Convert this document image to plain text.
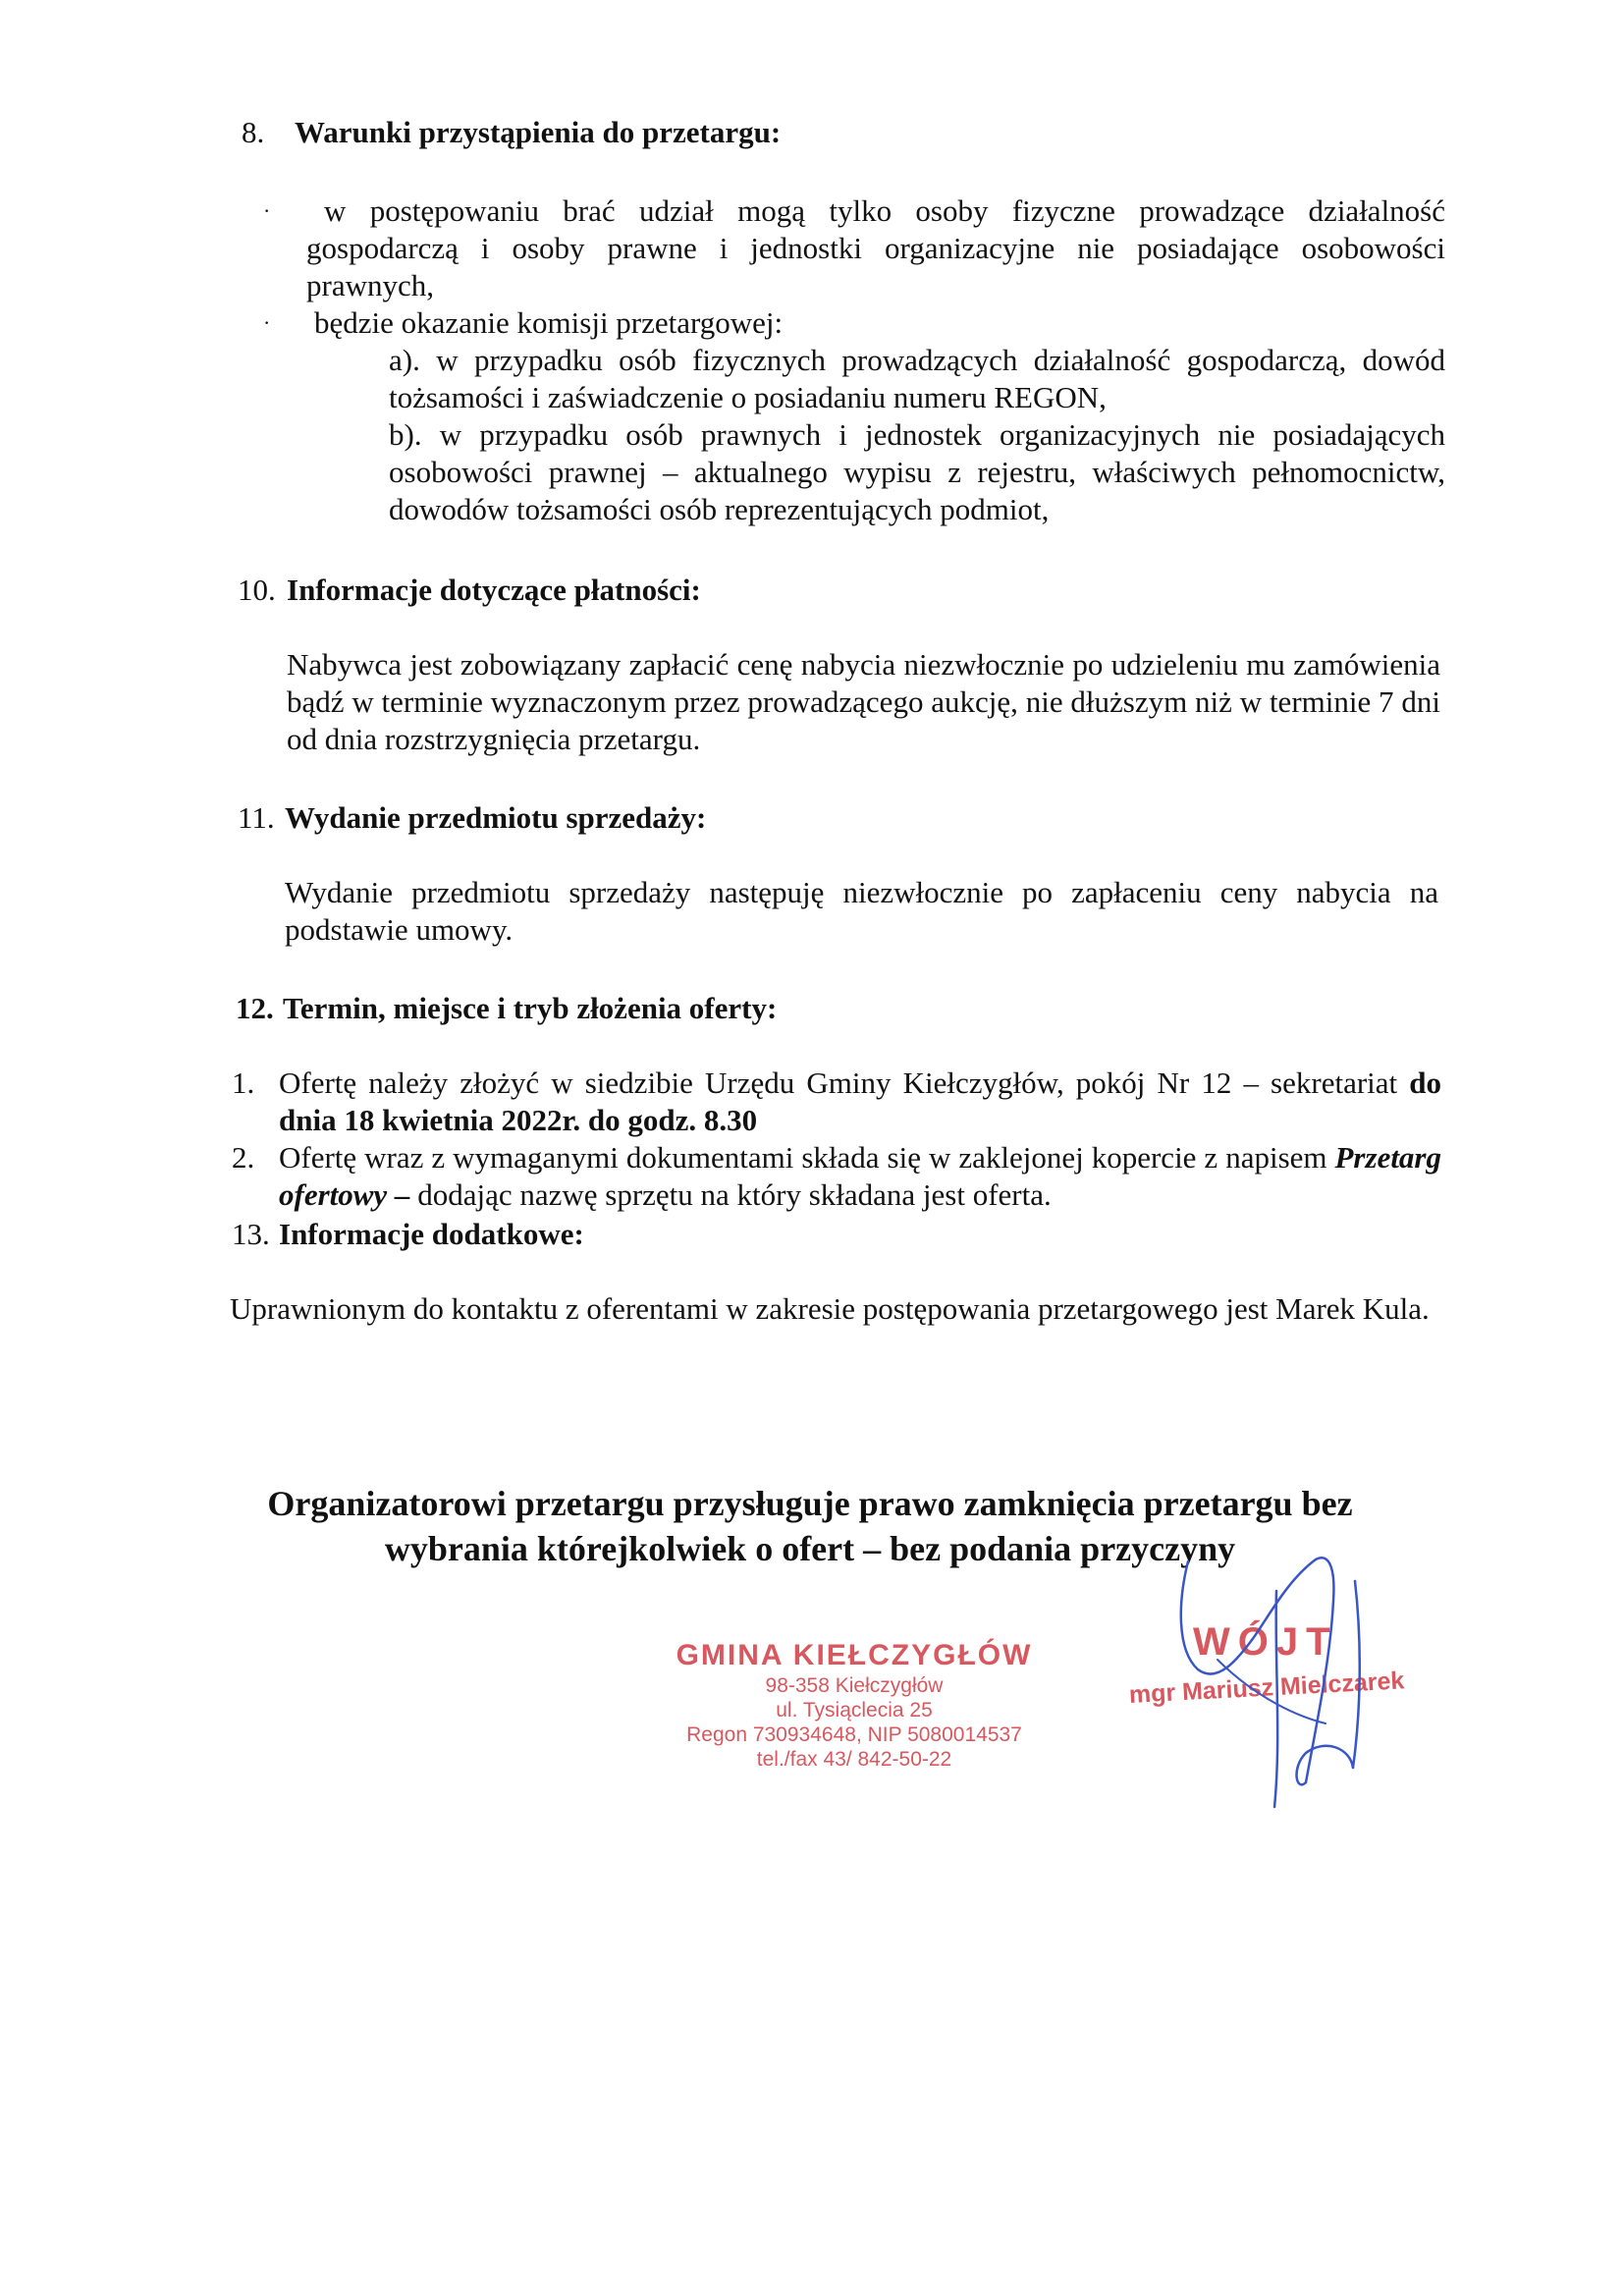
8. Warunki przystąpienia do przetargu:
·	w postępowaniu brać udział mogą tylko osoby fizyczne prowadzące działalność gospodarczą i osoby prawne i jednostki organizacyjne nie posiadające osobowości prawnych,
· będzie okazanie komisji przetargowej:
a). w przypadku osób fizycznych prowadzących działalność gospodarczą, dowód tożsamości i zaświadczenie o posiadaniu numeru REGON,
b). w przypadku osób prawnych i jednostek organizacyjnych nie posiadających osobowości prawnej – aktualnego wypisu z rejestru, właściwych pełnomocnictw, dowodów tożsamości osób reprezentujących podmiot,
10. Informacje dotyczące płatności:
Nabywca jest zobowiązany zapłacić cenę nabycia niezwłocznie po udzieleniu mu zamówienia bądź w terminie wyznaczonym przez prowadzącego aukcję, nie dłuższym niż w terminie 7 dni od dnia rozstrzygnięcia przetargu.
11. Wydanie przedmiotu sprzedaży:
Wydanie przedmiotu sprzedaży następuję niezwłocznie po zapłaceniu ceny nabycia na podstawie umowy.
12. Termin, miejsce i tryb złożenia oferty:
1. Ofertę należy złożyć w siedzibie Urzędu Gminy Kiełczygłów, pokój Nr 12 – sekretariat do dnia 18 kwietnia 2022r. do godz. 8.30
2. Ofertę wraz z wymaganymi dokumentami składa się w zaklejonej kopercie z napisem Przetarg ofertowy – dodając nazwę sprzętu na który składana jest oferta.
13. Informacje dodatkowe:
Uprawnionym do kontaktu z oferentami w zakresie postępowania przetargowego jest Marek Kula.
Organizatorowi przetargu przysługuje prawo zamknięcia przetargu bez
wybrania którejkolwiek o ofert – bez podania przyczyny
GMINA KIEŁCZYGŁÓW
98-358 Kiełczygłów
ul. Tysiąclecia 25
Regon 730934648, NIP 5080014537
tel./fax 43/ 842-50-22
WÓJT
mgr Mariusz Mielczarek
